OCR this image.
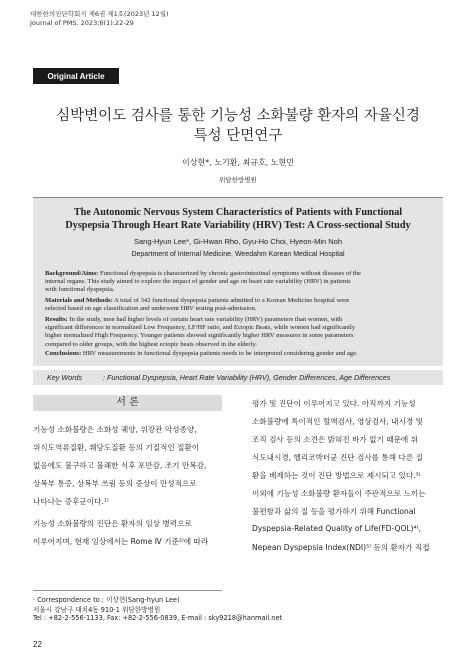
대한한의진단학회지 제6권 제1호(2023년 12월)
Journal of PMS. 2023;6(1):22-29
Original Article
심박변이도 검사를 통한 기능성 소화불량 환자의 자율신경
특성 단면연구
이상현*, 노기환, 최규호, 노현민
위담한방병원
The Autonomic Nervous System Characteristics of Patients with Functional
Dyspepsia Through Heart Rate Variability (HRV) Test: A Cross-sectional Study
Sang-Hyun Lee*, Gi-Hwan Rho, Gyu-Ho Choi, Hyeon-Min Noh
Department of Internal Medicine, Weedahm Korean Medical Hospital
Background/Aims: Functional dyspepsia is characterized by chronic gastrointestinal symptoms without diseases of the
internal organs. This study aimed to explore the impact of gender and age on heart rate variability (HRV) in patients
with functional dyspepsia.
Materials and Methods: A total of 342 functional dyspepsia patients admitted to a Korean Medicine hospital were
selected based on age classification and underwent HRV testing post-admission.
Results: In the study, men had higher levels of certain heart rate variability (HRV) parameters than women, with
significant differences in normalized Low Frequency, LF/HF ratio, and Ectopic Beats, while women had significantly
higher normalized High Frequency. Younger patients showed significantly higher HRV measures in some parameters
compared to older groups, with the highest ectopic beats observed in the elderly.
Conclusions: HRV measurements in functional dyspepsia patients needs to be interpreted considering gender and age.
Key Words	: Functional Dyspepsia, Heart Rate Variability (HRV), Gender Differences, Age Differences
서 론
기능성 소화불량은 소화성 궤양, 위장관 악성종양,
위식도역류질환, 췌담도질환 등의 기질적인 질환이
없음에도 불구하고 불쾌한 식후 포만감, 조기 만복감,
상복부 통증, 상복부 쓰림 등의 증상이 만성적으로
나타나는 증후군이다.¹⁾
기능성 소화불량의 진단은 환자의 임상 병력으로
이루어지며, 현재 임상에서는 Rome Ⅳ 기준²⁾에 따라
평가 및 진단이 이루어지고 있다. 아직까지 기능성
소화불량에 특이적인 혈액검사, 영상검사, 내시경 및
조직 검사 등의 소견은 밝혀진 바가 없기 때문에 위
식도내시경, 헬리코박터균 진단 검사를 통해 다른 질
환을 배제하는 것이 진단 방법으로 제시되고 있다.³⁾
이외에 기능성 소화불량 환자들이 주관적으로 느끼는
불편함과 삶의 질 등을 평가하기 위해 Functional
Dyspepsia-Related Quality of Life(FD-QOL)⁴⁾,
Nepean Dyspepsia Index(NDI)⁵⁾ 등의 환자가 직접
· Correspondence to : 이상현(Sang-hyun Lee)
서울시 강남구 대치4동 910-1 위담한방병원
Tel : +82-2-556-1133, Fax: +82-2-556-0839, E-mail : sky9218@hanmail.net
22
